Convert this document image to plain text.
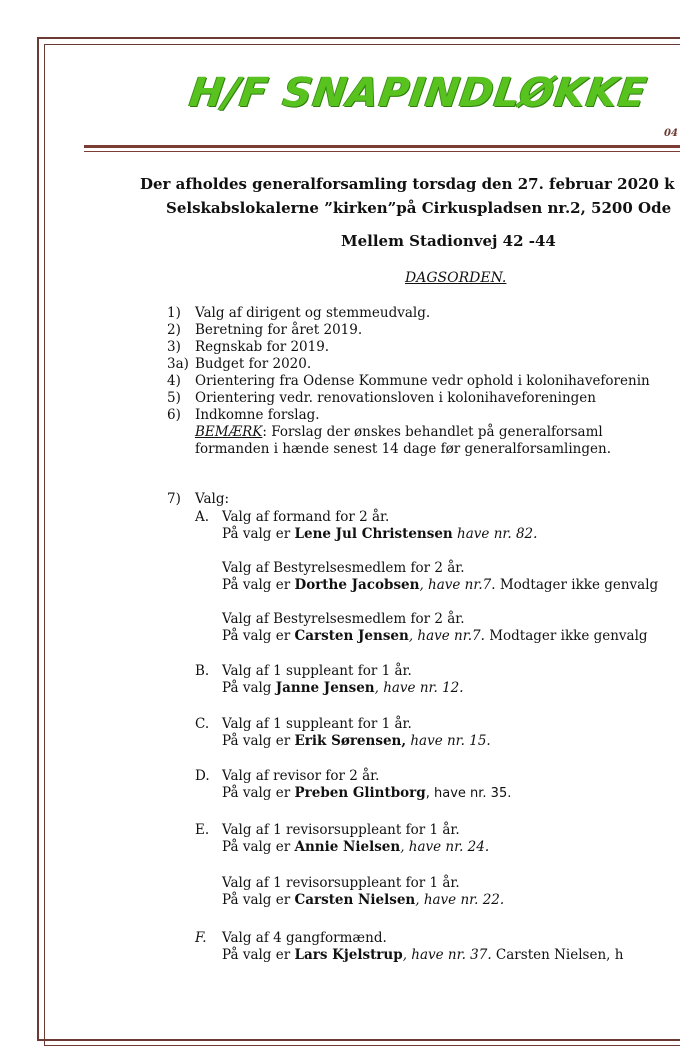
H/F SNAPINDLØKKE
04
Der afholdes generalforsamling torsdag den 27. februar 2020 k
Selskabslokalerne ”kirken”på Cirkuspladsen nr.2, 5200 Ode
Mellem Stadionvej 42 -44
DAGSORDEN.
1)	Valg af dirigent og stemmeudvalg.
2)	Beretning for året 2019.
3)	Regnskab for 2019.
3a) Budget for 2020.
4)	Orientering fra Odense Kommune vedr ophold i kolonihaveforenin
5)	Orientering vedr. renovationsloven i kolonihaveforeningen
6)	Indkomne forslag.
BEMÆRK: Forslag der ønskes behandlet på generalforsaml
formanden i hænde senest 14 dage før generalforsamlingen.
7) Valg:
A. Valg af formand for 2 år.
På valg er Lene Jul Christensen have nr. 82.
Valg af Bestyrelsesmedlem for 2 år.
På valg er Dorthe Jacobsen, have nr.7. Modtager ikke genvalg
Valg af Bestyrelsesmedlem for 2 år.
På valg er Carsten Jensen, have nr.7. Modtager ikke genvalg
B. Valg af 1 suppleant for 1 år.
På valg Janne Jensen, have nr. 12.
C. Valg af 1 suppleant for 1 år.
På valg er Erik Sørensen, have nr. 15.
D. Valg af revisor for 2 år.
På valg er Preben Glintborg, have nr. 35.
E. Valg af 1 revisorsuppleant for 1 år.
På valg er Annie Nielsen, have nr. 24.
Valg af 1 revisorsuppleant for 1 år.
På valg er Carsten Nielsen, have nr. 22.
F. Valg af 4 gangformænd.
På valg er Lars Kjelstrup, have nr. 37. Carsten Nielsen, h
